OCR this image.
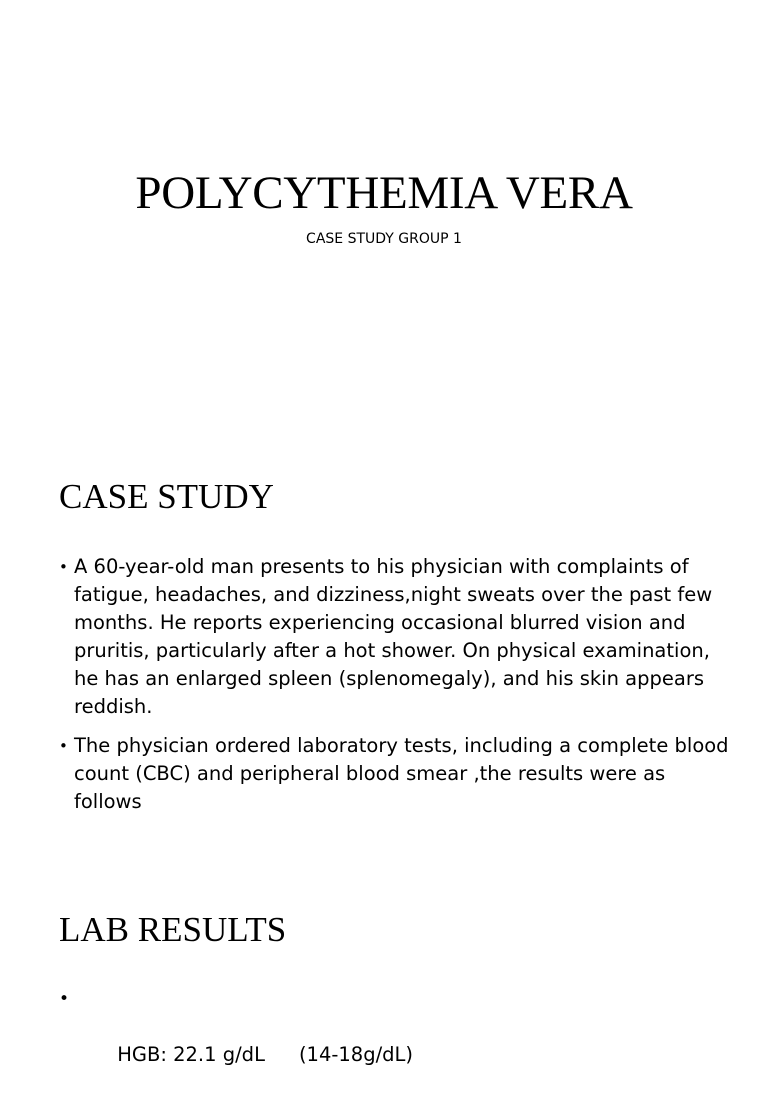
POLYCYTHEMIA VERA

CASE STUDY GROUP 1

CASE STUDY
• A 60-year-old man presents to his physician with complaints of fatigue, headaches, and dizziness,night sweats over the past few months. He reports experiencing occasional blurred vision and pruritis, particularly after a hot shower. On physical examination, he has an enlarged spleen (splenomegaly), and his skin appears reddish.
• The physician ordered laboratory tests, including a complete blood count (CBC) and peripheral blood smear ,the results were as follows
LAB RESULTS

•

HGB: 22.1 g/dL (14-18g/dL)
